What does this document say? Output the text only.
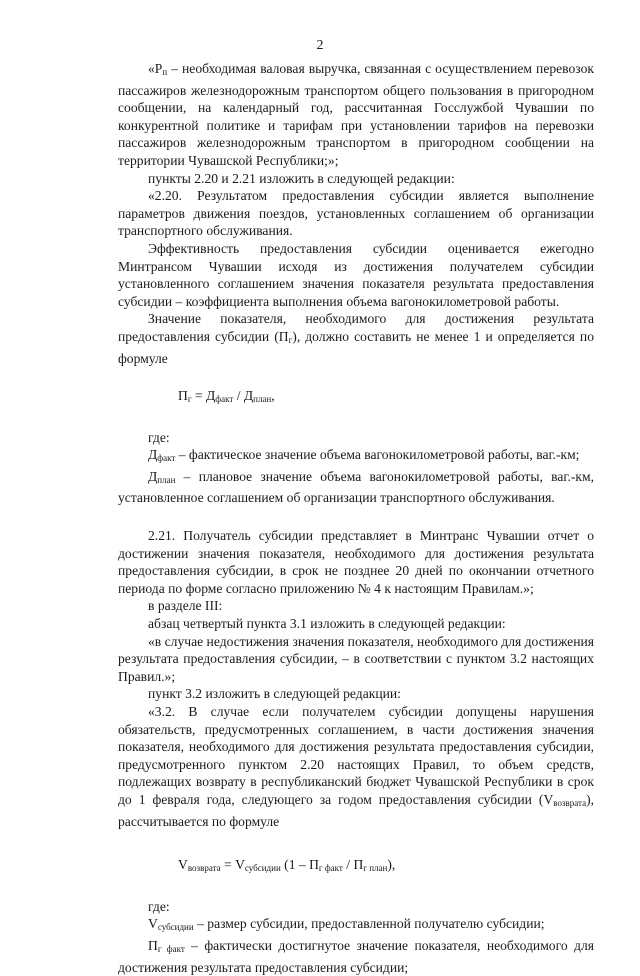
2

«$Р_п$ – необходимая валовая выручка, связанная с осуществлением перевозок пассажиров железнодорожным транспортом общего пользования в пригородном сообщении, на календарный год, рассчитанная Госслужбой Чувашии по конкурентной политике и тарифам при установлении тарифов на перевозки пассажиров железнодорожным транспортом в пригородном сообщении на территории Чувашской Республики;»;

пункты 2.20 и 2.21 изложить в следующей редакции:

«2.20. Результатом предоставления субсидии является выполнение параметров движения поездов, установленных соглашением об организации транспортного обслуживания.

Эффективность предоставления субсидии оценивается ежегодно Минтрансом Чувашии исходя из достижения получателем субсидии установленного соглашением значения показателя результата предоставления субсидии – коэффициента выполнения объема вагонокилометровой работы.

Значение показателя, необходимого для достижения результата предоставления субсидии $(П_г)$, должно составить не менее 1 и определяется по формуле

$П_г = Д_{факт} / Д_{план}$,

где:

$Д_{факт}$ – фактическое значение объема вагонокилометровой работы, ваг.-км;

$Д_{план}$ – плановое значение объема вагонокилометровой работы, ваг.-км, установленное соглашением об организации транспортного обслуживания.

2.21. Получатель субсидии представляет в Минтранс Чувашии отчет о достижении значения показателя, необходимого для достижения результата предоставления субсидии, в срок не позднее 20 дней по окончании отчетного периода по форме согласно приложению № 4 к настоящим Правилам.»;

в разделе III:

абзац четвертый пункта 3.1 изложить в следующей редакции:

«в случае недостижения значения показателя, необходимого для достижения результата предоставления субсидии, – в соответствии с пунктом 3.2 настоящих Правил.»;

пункт 3.2 изложить в следующей редакции:

«3.2. В случае если получателем субсидии допущены нарушения обязательств, предусмотренных соглашением, в части достижения значения показателя, необходимого для достижения результата предоставления субсидии, предусмотренного пунктом 2.20 настоящих Правил, то объем средств, подлежащих возврату в республиканский бюджет Чувашской Республики в срок до 1 февраля года, следующего за годом предоставления субсидии $(V_{возврата})$, рассчитывается по формуле

$V_{возврата} = V_{субсидии}$ $(1 - П_{г факт} / П_{г план})$,

где:

$V_{субсидии}$ – размер субсидии, предоставленной получателю субсидии;

$П_{г факт}$ – фактически достигнутое значение показателя, необходимого для достижения результата предоставления субсидии;
